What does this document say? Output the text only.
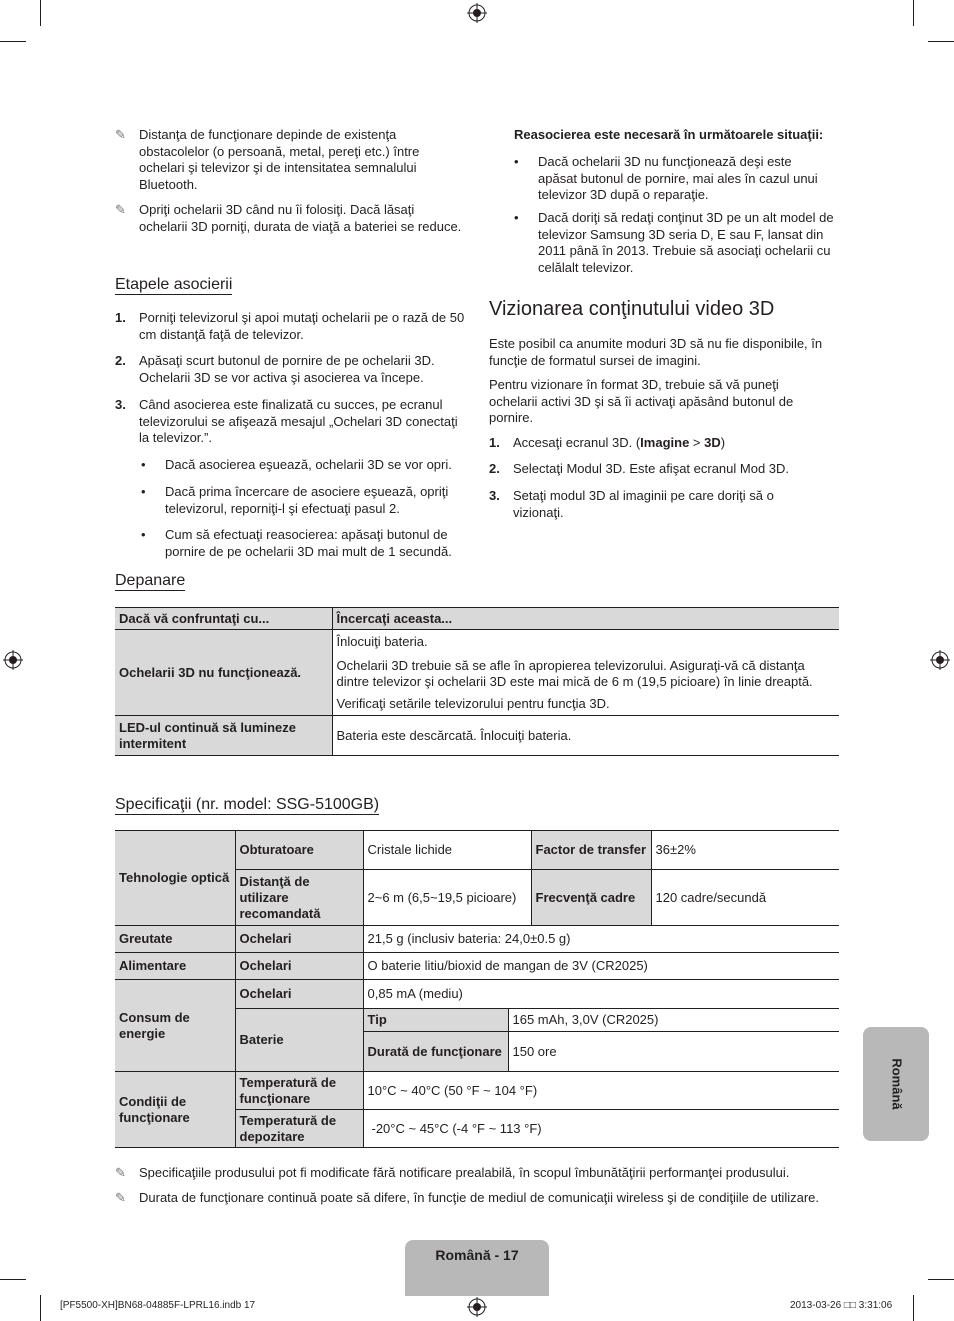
✎	Distanţa de funcţionare depinde de existenţa obstacolelor (o persoană, metal, pereţi etc.) între ochelari şi televizor şi de intensitatea semnalului Bluetooth.
✎	Opriţi ochelarii 3D când nu îi folosiţi. Dacă lăsaţi ochelarii 3D porniţi, durata de viaţă a bateriei se reduce.
Etapele asocierii
1.	Porniţi televizorul şi apoi mutaţi ochelarii pe o rază de 50 cm distanţă faţă de televizor.
2.	Apăsaţi scurt butonul de pornire de pe ochelarii 3D. Ochelarii 3D se vor activa şi asocierea va începe.
3.	Când asocierea este finalizată cu succes, pe ecranul televizorului se afişează mesajul „Ochelari 3D conectaţi la televizor.”.
•	Dacă asocierea eşuează, ochelarii 3D se vor opri.
•	Dacă prima încercare de asociere eşuează, opriţi televizorul, reporniţi-l şi efectuaţi pasul 2.
•	Cum să efectuaţi reasocierea: apăsaţi butonul de pornire de pe ochelarii 3D mai mult de 1 secundă.
Reasocierea este necesară în următoarele situaţii:
•	Dacă ochelarii 3D nu funcţionează deşi este apăsat butonul de pornire, mai ales în cazul unui televizor 3D după o reparaţie.
•	Dacă doriţi să redaţi conţinut 3D pe un alt model de televizor Samsung 3D seria D, E sau F, lansat din 2011 până în 2013. Trebuie să asociaţi ochelarii cu celălalt televizor.
Vizionarea conţinutului video 3D
Este posibil ca anumite moduri 3D să nu fie disponibile, în funcţie de formatul sursei de imagini.
Pentru vizionare în format 3D, trebuie să vă puneţi ochelarii activi 3D şi să îi activaţi apăsând butonul de pornire.
1.	Accesaţi ecranul 3D. (Imagine > 3D)
2.	Selectaţi Modul 3D. Este afişat ecranul Mod 3D.
3.	Setaţi modul 3D al imaginii pe care doriţi să o vizionaţi.
Depanare
Dacă vă confruntaţi cu...	Încercaţi aceasta...
Ochelarii 3D nu funcţionează.	Înlocuiţi bateria.
	Ochelarii 3D trebuie să se afle în apropierea televizorului. Asiguraţi-vă că distanţa dintre televizor şi ochelarii 3D este mai mică de 6 m (19,5 picioare) în linie dreaptă.
	Verificaţi setările televizorului pentru funcţia 3D.
LED-ul continuă să lumineze intermitent	Bateria este descărcată. Înlocuiţi bateria.
Specificaţii (nr. model: SSG-5100GB)
Tehnologie optică	Obturatoare	Cristale lichide		Factor de transfer	36±2%
	Distanţă de utilizare recomandată	2~6 m (6,5~19,5 picioare)		Frecvenţă cadre	120 cadre/secundă
Greutate	Ochelari	21,5 g (inclusiv bateria: 24,0±0.5 g)			
Alimentare	Ochelari	O baterie litiu/bioxid de mangan de 3V (CR2025)			
Consum de energie	Ochelari	0,85 mA (mediu)			
	Baterie	Tip	165 mAh, 3,0V (CR2025)		
		Durată de funcţionare	150 ore		
Condiţii de funcţionare	Temperatură de funcţionare	10°C ~ 40°C (50 °F ~ 104 °F)			
	Temperatură de depozitare	-20°C ~ 45°C (-4 °F ~ 113 °F)			
✎	Specificaţiile produsului pot fi modificate fără notificare prealabilă, în scopul îmbunătăţirii performanţei produsului.
✎	Durata de funcţionare continuă poate să difere, în funcţie de mediul de comunicaţii wireless şi de condiţiile de utilizare.
Română
Română - 17
[PF5500-XH]BN68-04885F-LPRL16.indb 17	2013-03-26 □□ 3:31:06
